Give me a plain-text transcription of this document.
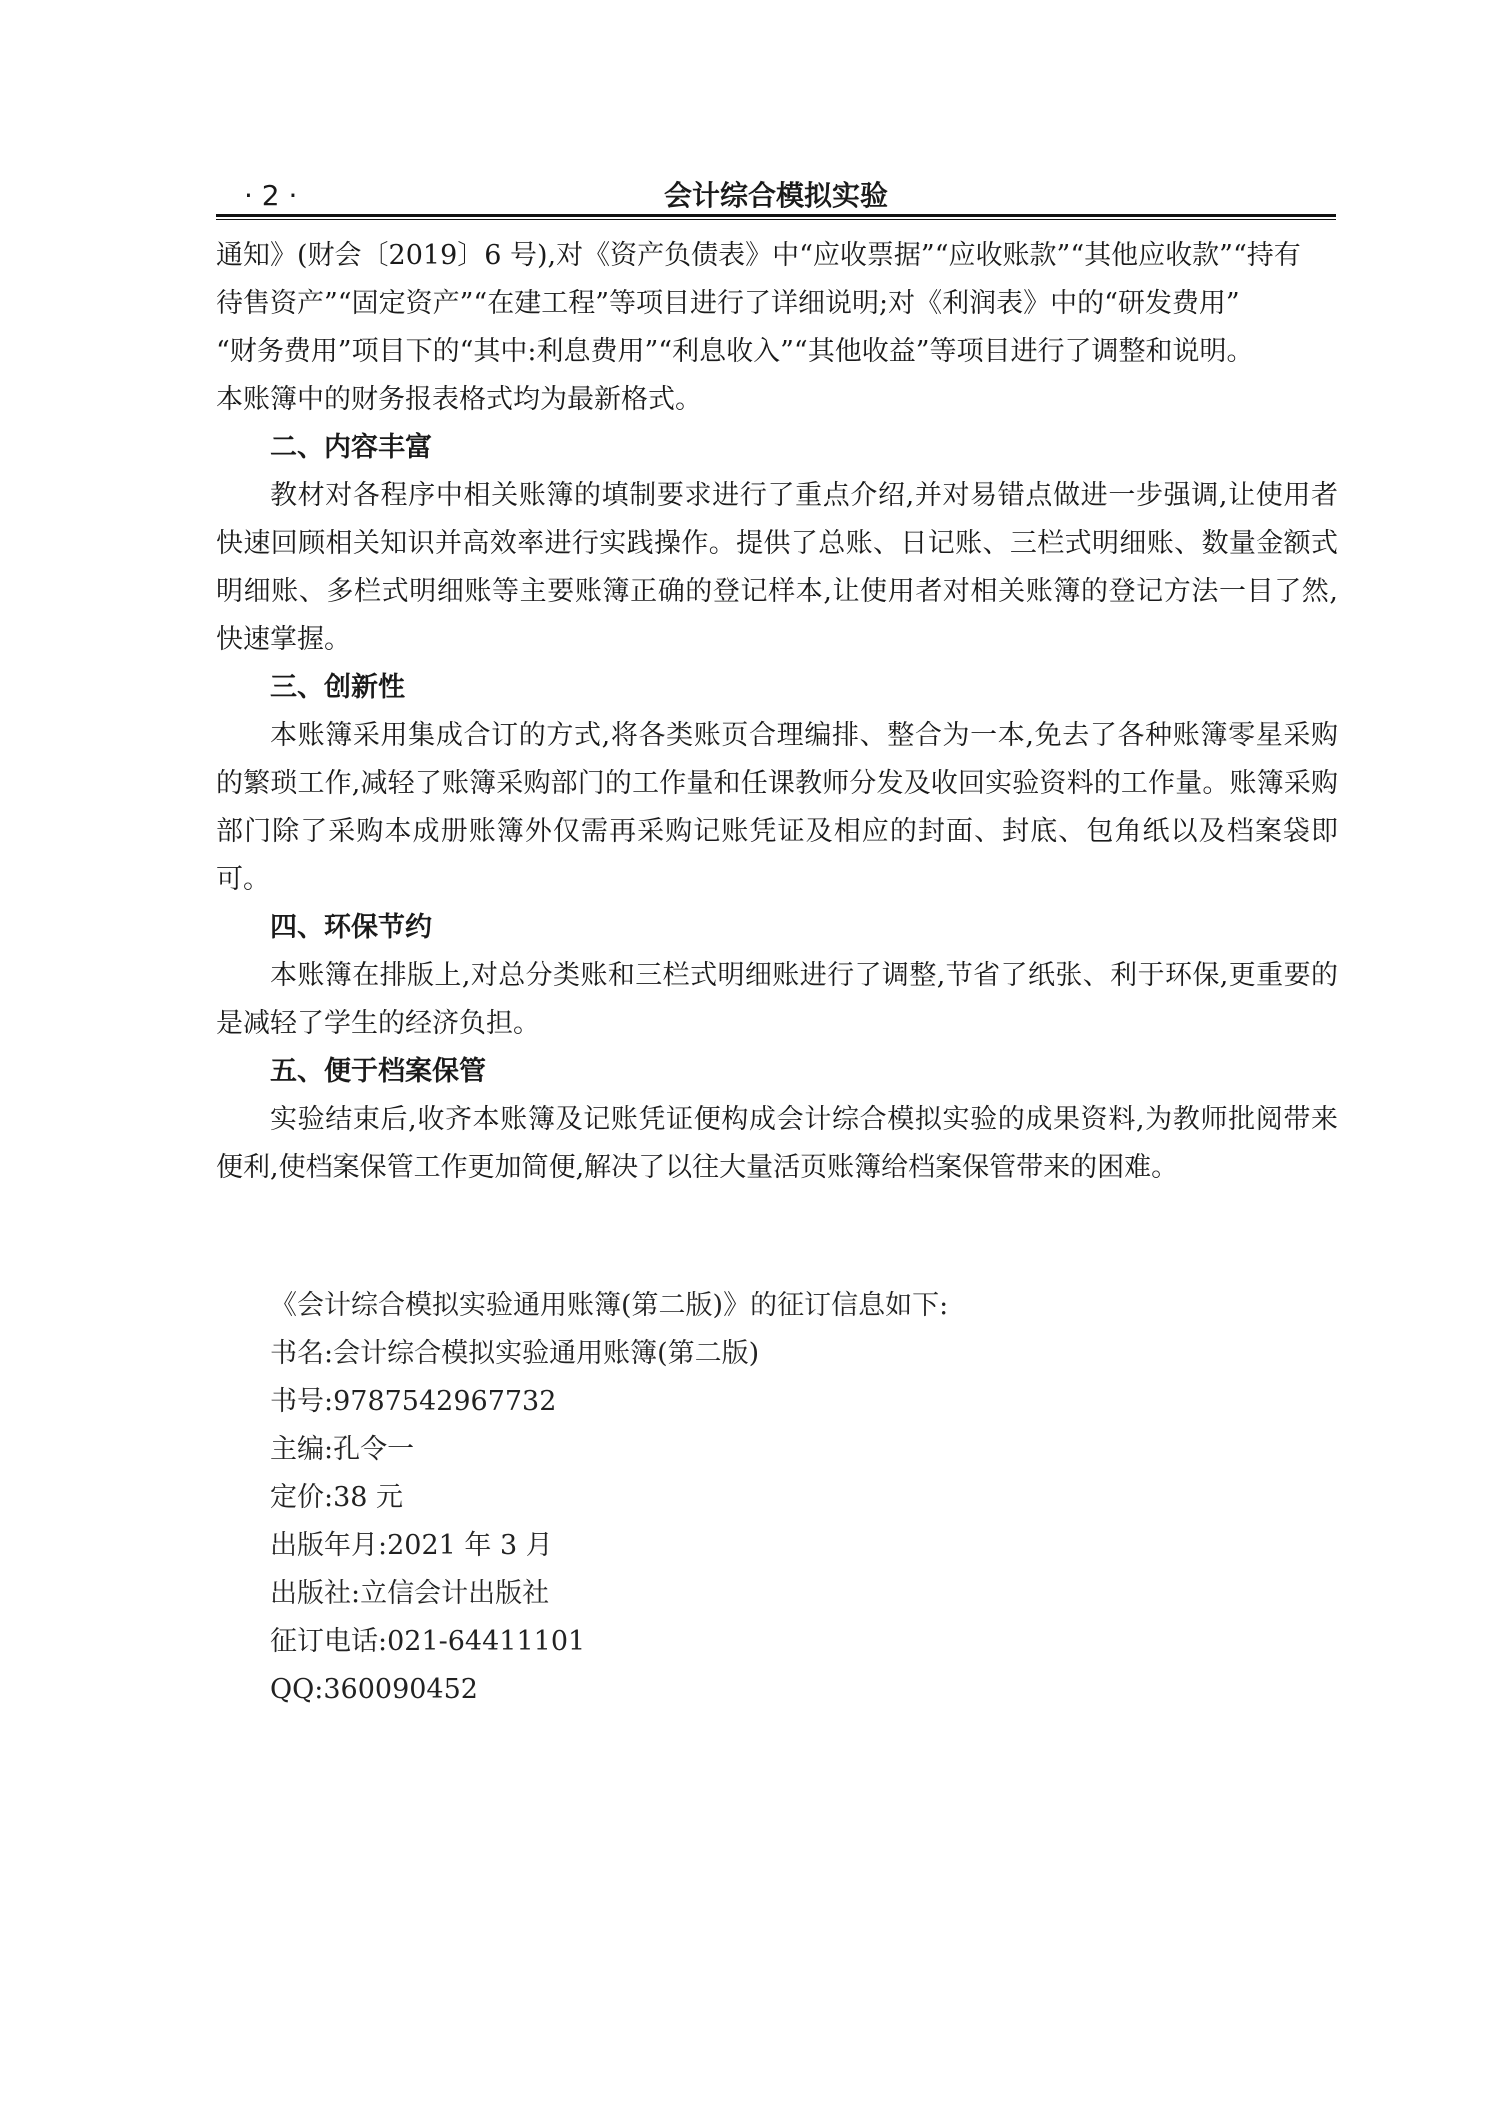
· 2 ·	会计综合模拟实验

通知》(财会〔2019〕6 号),对《资产负债表》中“应收票据”“应收账款”“其他应收款”“持有
待售资产”“固定资产”“在建工程”等项目进行了详细说明;对《利润表》中的“研发费用”
“财务费用”项目下的“其中:利息费用”“利息收入”“其他收益”等项目进行了调整和说明。
本账簿中的财务报表格式均为最新格式。

二、内容丰富

教材对各程序中相关账簿的填制要求进行了重点介绍,并对易错点做进一步强调,让使用者快速回顾相关知识并高效率进行实践操作。提供了总账、日记账、三栏式明细账、数量金额式明细账、多栏式明细账等主要账簿正确的登记样本,让使用者对相关账簿的登记方法一目了然,快速掌握。

三、创新性

本账簿采用集成合订的方式,将各类账页合理编排、整合为一本,免去了各种账簿零星采购的繁琐工作,减轻了账簿采购部门的工作量和任课教师分发及收回实验资料的工作量。账簿采购部门除了采购本成册账簿外仅需再采购记账凭证及相应的封面、封底、包角纸以及档案袋即可。

四、环保节约

本账簿在排版上,对总分类账和三栏式明细账进行了调整,节省了纸张、利于环保,更重要的是减轻了学生的经济负担。

五、便于档案保管

实验结束后,收齐本账簿及记账凭证便构成会计综合模拟实验的成果资料,为教师批阅带来便利,使档案保管工作更加简便,解决了以往大量活页账簿给档案保管带来的困难。

《会计综合模拟实验通用账簿(第二版)》的征订信息如下:

书名:会计综合模拟实验通用账簿(第二版)

书号:9787542967732

主编:孔令一

定价:38 元

出版年月:2021 年 3 月

出版社:立信会计出版社

征订电话:021-64411101

QQ:360090452
